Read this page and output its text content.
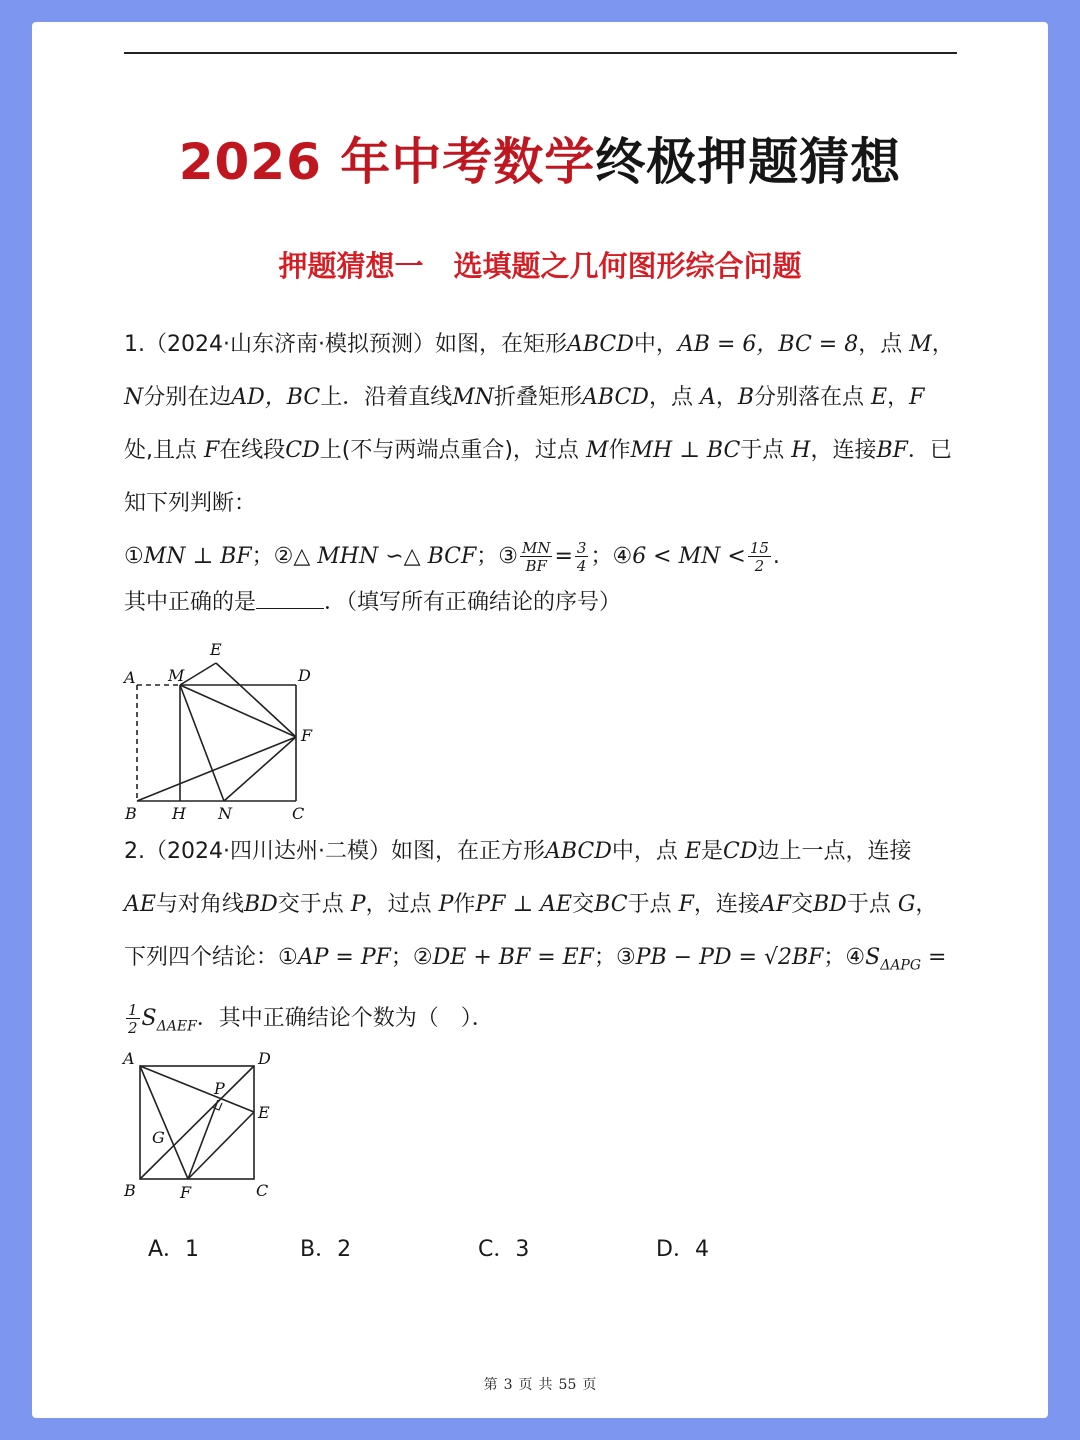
2026 年中考数学终极押题猜想
押题猜想一 选填题之几何图形综合问题

1.（2024·山东济南·模拟预测）如图，在矩形ABCD中，AB = 6，BC = 8，点 M，

N分别在边AD，BC上．沿着直线MN折叠矩形ABCD，点 A，B分别落在点 E，F

处,且点 F在线段CD上(不与两端点重合)，过点 M作MH ⊥ BC于点 H，连接BF．已

知下列判断：

①MN ⊥ BF；②△ MHN ∽△ BCF；③ $\frac{MN}{BF} = \frac{3}{4}$ ；④6 < MN < $\frac{15}{2}$ .

其中正确的是	．（填写所有正确结论的序号）

A M
E
D
F
B H N	C

2.（2024·四川达州·二模）如图，在正方形ABCD中，点 E是CD边上一点，连接

AE与对角线BD交于点 P，过点 P作PF ⊥ AE交BC于点 F，连接AF交BD于点 G，

下列四个结论：①AP = PF；②DE + BF = EF；③PB − PD = √2BF；$④S_{\Delta APG}$ =

$\frac{1}{2} S_{\Delta AEF}$．其中正确结论个数为（　）．

A	D
P
E
G
B	F	C
A．1	B．2	C．3	D．4
第 3 页 共 55 页
